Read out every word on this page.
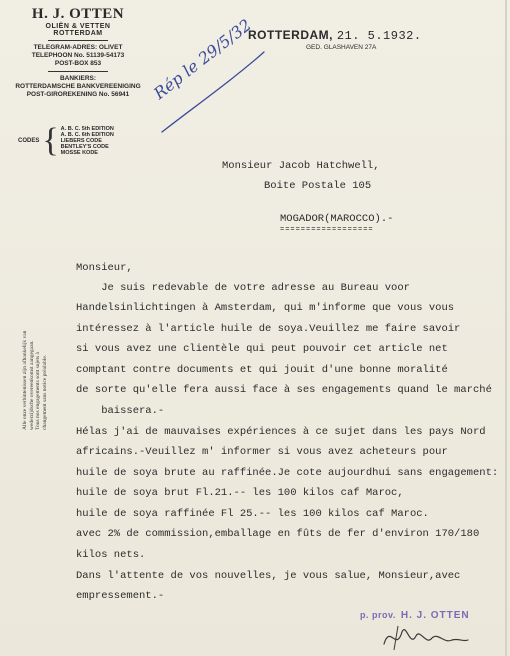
H. J. OTTEN
OLIËN & VETTEN
ROTTERDAM
TELEGRAM-ADRES: OLIVET
TELEPHOON No. 51139-54173
POST-BOX 853
BANKIERS:
ROTTERDAMSCHE BANKVEREENIGING
POST-GIROREKENING No. 56941
CODES { A. B. C. 5th EDITION
A. B. C. 6th EDITION
LIEBERS CODE
BENTLEY'S CODE
MOSSE KODE
ROTTERDAM, 21. 5.1932.
GED. GLASHAVEN 27A
Rép le 29/5/32
Monsieur Jacob Hatchwell,
Boite Postale 105
MOGADOR(MAROCCO).-
==================
Monsieur,
Je suis redevable de votre adresse au Bureau voor
Handelsinlichtingen à Amsterdam, qui m'informe que vous vous
intéressez à l'article huile de soya.Veuillez me faire savoir
si vous avez une clientèle qui peut pouvoir cet article net
comptant contre documents et qui jouit d'une bonne moralité
de sorte qu'elle fera aussi face à ses engagements quand le marché
baissera.-
Hélas j'ai de mauvaises expériences à ce sujet dans les pays Nord
africains.-Veuillez m' informer si vous avez acheteurs pour
huile de soya brute au raffinée.Je cote aujourdhui sans engagement:
huile de soya brut Fl.21.-- les 100 kilos caf Maroc,
huile de soya raffinée Fl 25.-- les 100 kilos caf Maroc.
avec 2% de commission,emballage en fûts de fer d'environ 170/180
kilos nets.
Dans l'attente de vos nouvelles, je vous salue, Monsieur,avec
empressement.-
Alle onze verbintenissen zijn afhankelijk van wederzijdsche overeenkomst aangegaan. Tous nos engagements sont sujets à changement sans notice préalable.
p. prov. H. J. OTTEN
